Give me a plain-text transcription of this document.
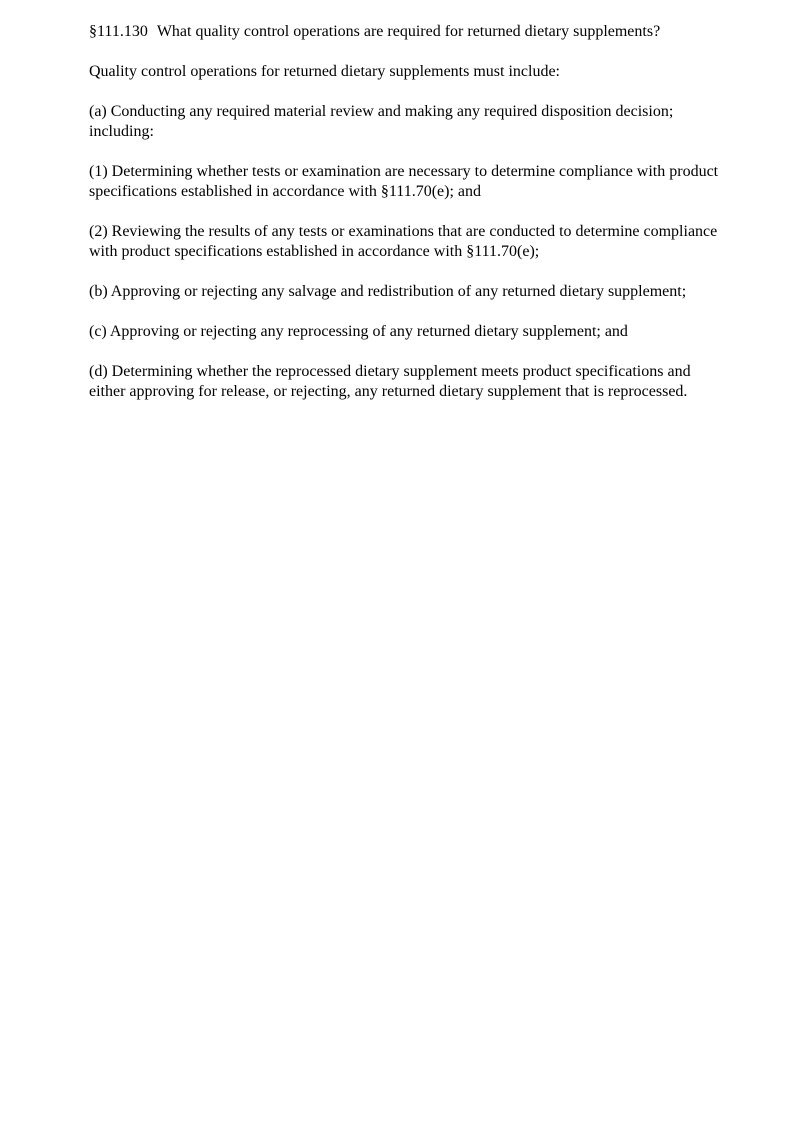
§111.130 What quality control operations are required for returned dietary supplements?

Quality control operations for returned dietary supplements must include:

(a) Conducting any required material review and making any required disposition decision; including:

(1) Determining whether tests or examination are necessary to determine compliance with product specifications established in accordance with §111.70(e); and

(2) Reviewing the results of any tests or examinations that are conducted to determine compliance with product specifications established in accordance with §111.70(e);

(b) Approving or rejecting any salvage and redistribution of any returned dietary supplement;

(c) Approving or rejecting any reprocessing of any returned dietary supplement; and

(d) Determining whether the reprocessed dietary supplement meets product specifications and either approving for release, or rejecting, any returned dietary supplement that is reprocessed.
